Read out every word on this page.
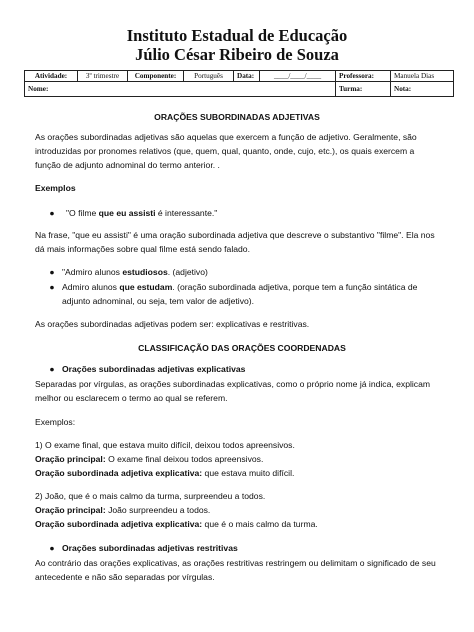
Instituto Estadual de Educação
Júlio César Ribeiro de Souza
Atividade:	3º trimestre	Componente:	Português	Data:	____/____/____	Professora:	Manuela Dias
Nome:						Turma:	Nota:
ORAÇÕES SUBORDINADAS ADJETIVAS

As orações subordinadas adjetivas são aquelas que exercem a função de adjetivo. Geralmente, são introduzidas por pronomes relativos (que, quem, qual, quanto, onde, cujo, etc.), os quais exercem a função de adjunto adnominal do termo anterior. .

Exemplos

● "O filme que eu assisti é interessante."

Na frase, "que eu assisti" é uma oração subordinada adjetiva que descreve o substantivo "filme". Ela nos dá mais informações sobre qual filme está sendo falado.

● "Admiro alunos estudiosos. (adjetivo)

● Admiro alunos que estudam. (oração subordinada adjetiva, porque tem a função sintática de adjunto adnominal, ou seja, tem valor de adjetivo).

As orações subordinadas adjetivas podem ser: explicativas e restritivas.

CLASSIFICAÇÃO DAS ORAÇÕES COORDENADAS
● Orações subordinadas adjetivas explicativas

Separadas por vírgulas, as orações subordinadas explicativas, como o próprio nome já indica, explicam melhor ou esclarecem o termo ao qual se referem.

Exemplos:

1) O exame final, que estava muito difícil, deixou todos apreensivos.

Oração principal: O exame final deixou todos apreensivos.

Oração subordinada adjetiva explicativa: que estava muito difícil.

2) João, que é o mais calmo da turma, surpreendeu a todos.

Oração principal: João surpreendeu a todos.

Oração subordinada adjetiva explicativa: que é o mais calmo da turma.

● Orações subordinadas adjetivas restritivas

Ao contrário das orações explicativas, as orações restritivas restringem ou delimitam o significado de seu antecedente e não são separadas por vírgulas.
